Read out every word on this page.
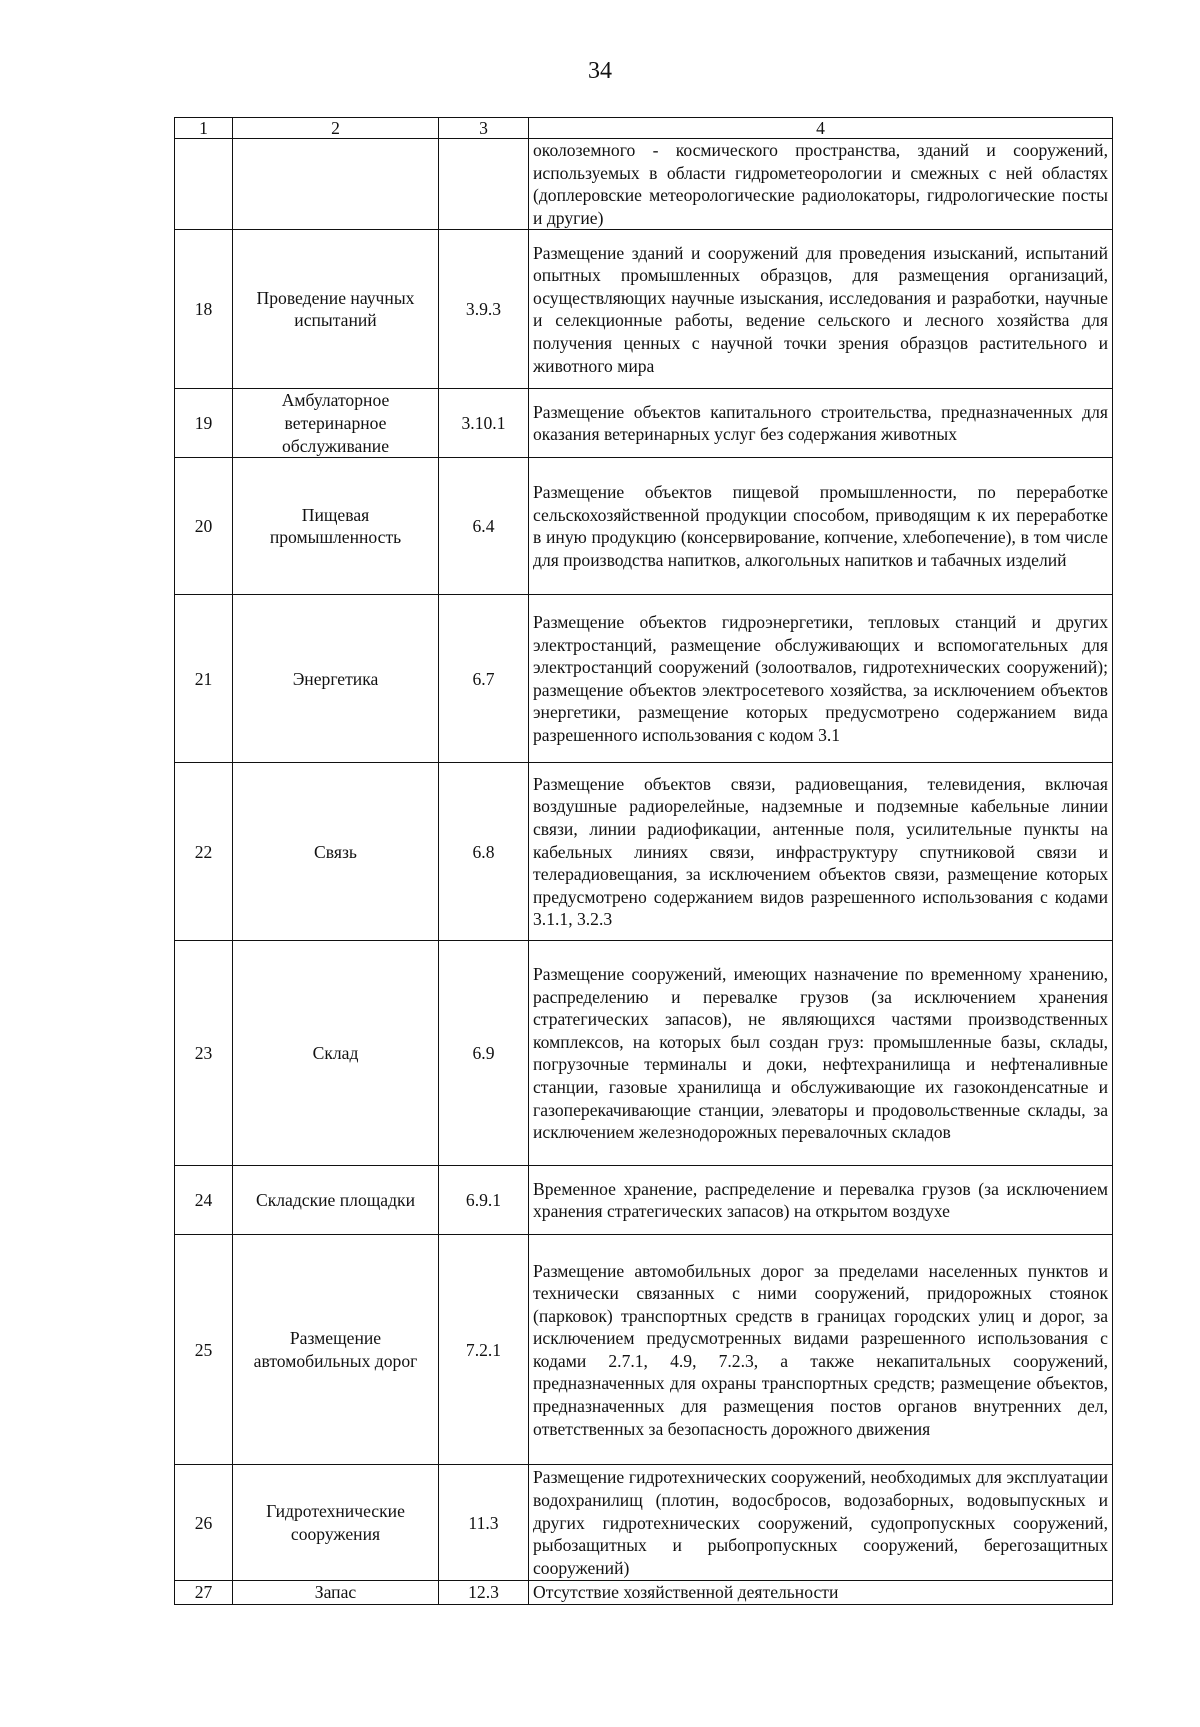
34
1	2	3	4
			околоземного - космического пространства, зданий и сооружений, используемых в области гидрометеорологии и смежных с ней областях (доплеровские метеорологические радиолокаторы, гидрологические посты и другие)
18	Проведение научных испытаний	3.9.3	Размещение зданий и сооружений для проведения изысканий, испытаний опытных промышленных образцов, для размещения организаций, осуществляющих научные изыскания, исследования и разработки, научные и селекционные работы, ведение сельского и лесного хозяйства для получения ценных с научной точки зрения образцов растительного и животного мира
19	Амбулаторное ветеринарное обслуживание	3.10.1	Размещение объектов капитального строительства, предназначенных для оказания ветеринарных услуг без содержания животных
20	Пищевая промышленность	6.4	Размещение объектов пищевой промышленности, по переработке сельскохозяйственной продукции способом, приводящим к их переработке в иную продукцию (консервирование, копчение, хлебопечение), в том числе для производства напитков, алкогольных напитков и табачных изделий
21	Энергетика	6.7	Размещение объектов гидроэнергетики, тепловых станций и других электростанций, размещение обслуживающих и вспомогательных для электростанций сооружений (золоотвалов, гидротехнических сооружений); размещение объектов электросетевого хозяйства, за исключением объектов энергетики, размещение которых предусмотрено содержанием вида разрешенного использования с кодом 3.1
22	Связь	6.8	Размещение объектов связи, радиовещания, телевидения, включая воздушные радиорелейные, надземные и подземные кабельные линии связи, линии радиофикации, антенные поля, усилительные пункты на кабельных линиях связи, инфраструктуру спутниковой связи и телерадиовещания, за исключением объектов связи, размещение которых предусмотрено содержанием видов разрешенного использования с кодами 3.1.1, 3.2.3
23	Склад	6.9	Размещение сооружений, имеющих назначение по временному хранению, распределению и перевалке грузов (за исключением хранения стратегических запасов), не являющихся частями производственных комплексов, на которых был создан груз: промышленные базы, склады, погрузочные терминалы и доки, нефтехранилища и нефтеналивные станции, газовые хранилища и обслуживающие их газоконденсатные и газоперекачивающие станции, элеваторы и продовольственные склады, за исключением железнодорожных перевалочных складов
24	Складские площадки	6.9.1	Временное хранение, распределение и перевалка грузов (за исключением хранения стратегических запасов) на открытом воздухе
25	Размещение автомобильных дорог	7.2.1	Размещение автомобильных дорог за пределами населенных пунктов и технически связанных с ними сооружений, придорожных стоянок (парковок) транспортных средств в границах городских улиц и дорог, за исключением предусмотренных видами разрешенного использования с кодами 2.7.1, 4.9, 7.2.3, а также некапитальных сооружений, предназначенных для охраны транспортных средств; размещение объектов, предназначенных для размещения постов органов внутренних дел, ответственных за безопасность дорожного движения
26	Гидротехнические сооружения	11.3	Размещение гидротехнических сооружений, необходимых для эксплуатации водохранилищ (плотин, водосбросов, водозаборных, водовыпускных и других гидротехнических сооружений, судопропускных сооружений, рыбозащитных и рыбопропускных сооружений, берегозащитных сооружений)
27	Запас	12.3	Отсутствие хозяйственной деятельности
